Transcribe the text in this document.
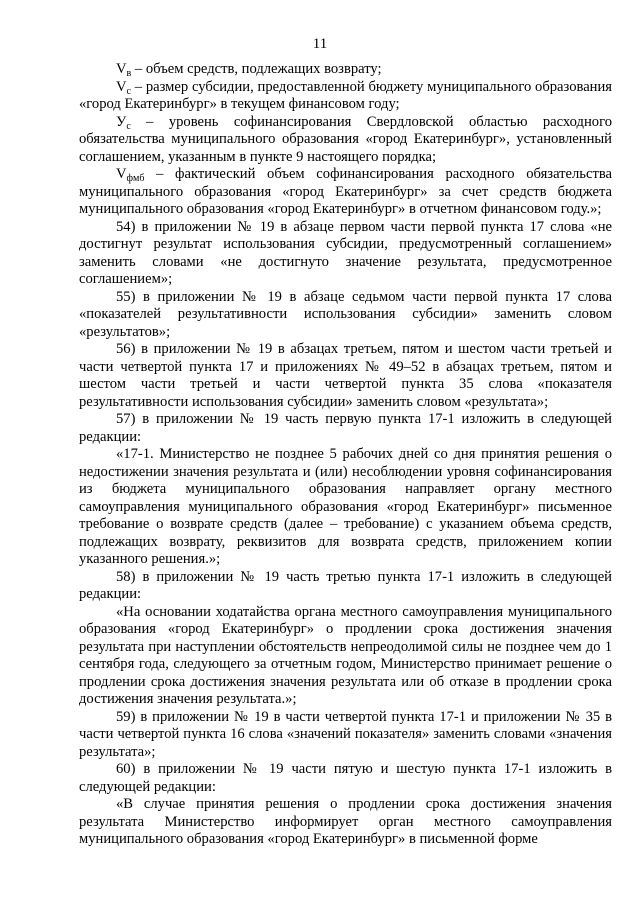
11

$V_в$ – объем средств, подлежащих возврату;

$V_c$ – размер субсидии, предоставленной бюджету муниципального образования «город Екатеринбург» в текущем финансовом году;

$У_c$ – уровень софинансирования Свердловской областью расходного обязательства муниципального образования «город Екатеринбург», установленный соглашением, указанным в пункте 9 настоящего порядка;

$V_{фмб}$ – фактический объем софинансирования расходного обязательства муниципального образования «город Екатеринбург» за счет средств бюджета муниципального образования «город Екатеринбург» в отчетном финансовом году.»;

54) в приложении № 19 в абзаце первом части первой пункта 17 слова «не достигнут результат использования субсидии, предусмотренный соглашением» заменить словами «не достигнуто значение результата, предусмотренное соглашением»;

55) в приложении № 19 в абзаце седьмом части первой пункта 17 слова «показателей результативности использования субсидии» заменить словом «результатов»;

56) в приложении № 19 в абзацах третьем, пятом и шестом части третьей и части четвертой пункта 17 и приложениях № 49–52 в абзацах третьем, пятом и шестом части третьей и части четвертой пункта 35 слова «показателя результативности использования субсидии» заменить словом «результата»;

57) в приложении № 19 часть первую пункта 17-1 изложить в следующей редакции:

«17-1. Министерство не позднее 5 рабочих дней со дня принятия решения о недостижении значения результата и (или) несоблюдении уровня софинансирования из бюджета муниципального образования направляет органу местного самоуправления муниципального образования «город Екатеринбург» письменное требование о возврате средств (далее – требование) с указанием объема средств, подлежащих возврату, реквизитов для возврата средств, приложением копии указанного решения.»;

58) в приложении № 19 часть третью пункта 17-1 изложить в следующей редакции:

«На основании ходатайства органа местного самоуправления муниципального образования «город Екатеринбург» о продлении срока достижения значения результата при наступлении обстоятельств непреодолимой силы не позднее чем до 1 сентября года, следующего за отчетным годом, Министерство принимает решение о продлении срока достижения значения результата или об отказе в продлении срока достижения значения результата.»;

59) в приложении № 19 в части четвертой пункта 17-1 и приложении № 35 в части четвертой пункта 16 слова «значений показателя» заменить словами «значения результата»;

60) в приложении № 19 части пятую и шестую пункта 17-1 изложить в следующей редакции:

«В случае принятия решения о продлении срока достижения значения результата Министерство информирует орган местного самоуправления муниципального образования «город Екатеринбург» в письменной форме
